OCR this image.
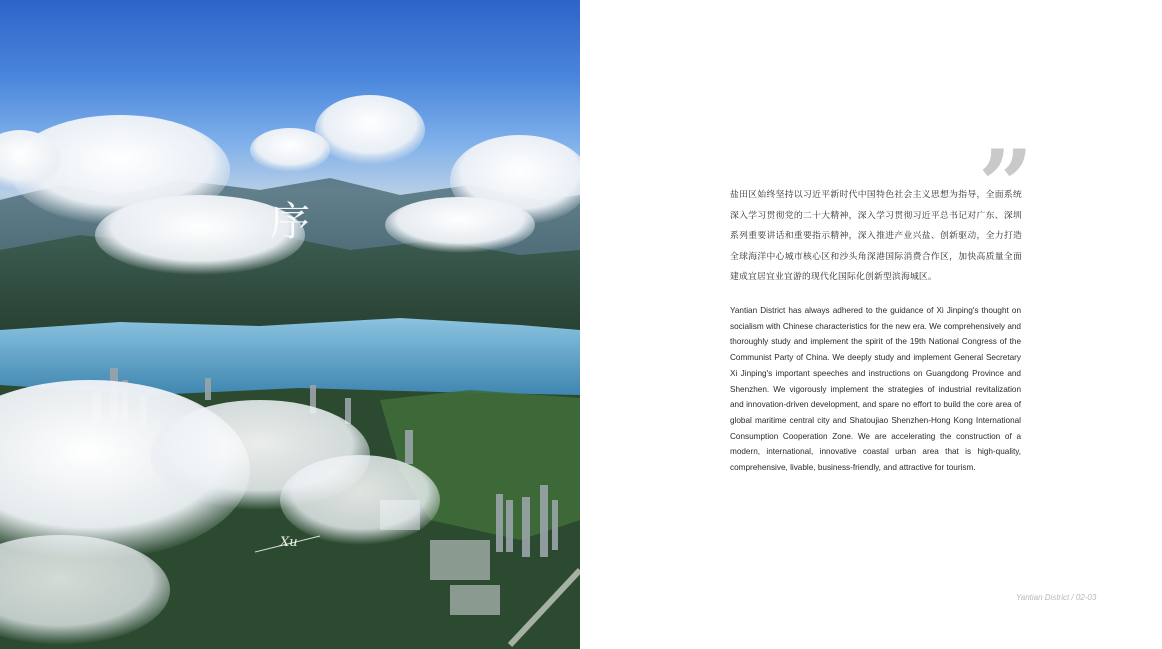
序
Xu
”
盐田区始终坚持以习近平新时代中国特色社会主义思想为指导，全面系统深入学习贯彻党的二十大精神，深入学习贯彻习近平总书记对广东、深圳系列重要讲话和重要指示精神，深入推进产业兴盐、创新驱动，全力打造全球海洋中心城市核心区和沙头角深港国际消费合作区，加快高质量全面建成宜居宜业宜游的现代化国际化创新型滨海城区。
Yantian District has always adhered to the guidance of Xi Jinping's thought on socialism with Chinese characteristics for the new era. We comprehensively and thoroughly study and implement the spirit of the 19th National Congress of the Communist Party of China. We deeply study and implement General Secretary Xi Jinping's important speeches and instructions on Guangdong Province and Shenzhen. We vigorously implement the strategies of industrial revitalization and innovation-driven development, and spare no effort to build the core area of global maritime central city and Shatoujiao Shenzhen-Hong Kong International Consumption Cooperation Zone. We are accelerating the construction of a modern, international, innovative coastal urban area that is high-quality, comprehensive, livable, business-friendly, and attractive for tourism.
Yantian District / 02-03
